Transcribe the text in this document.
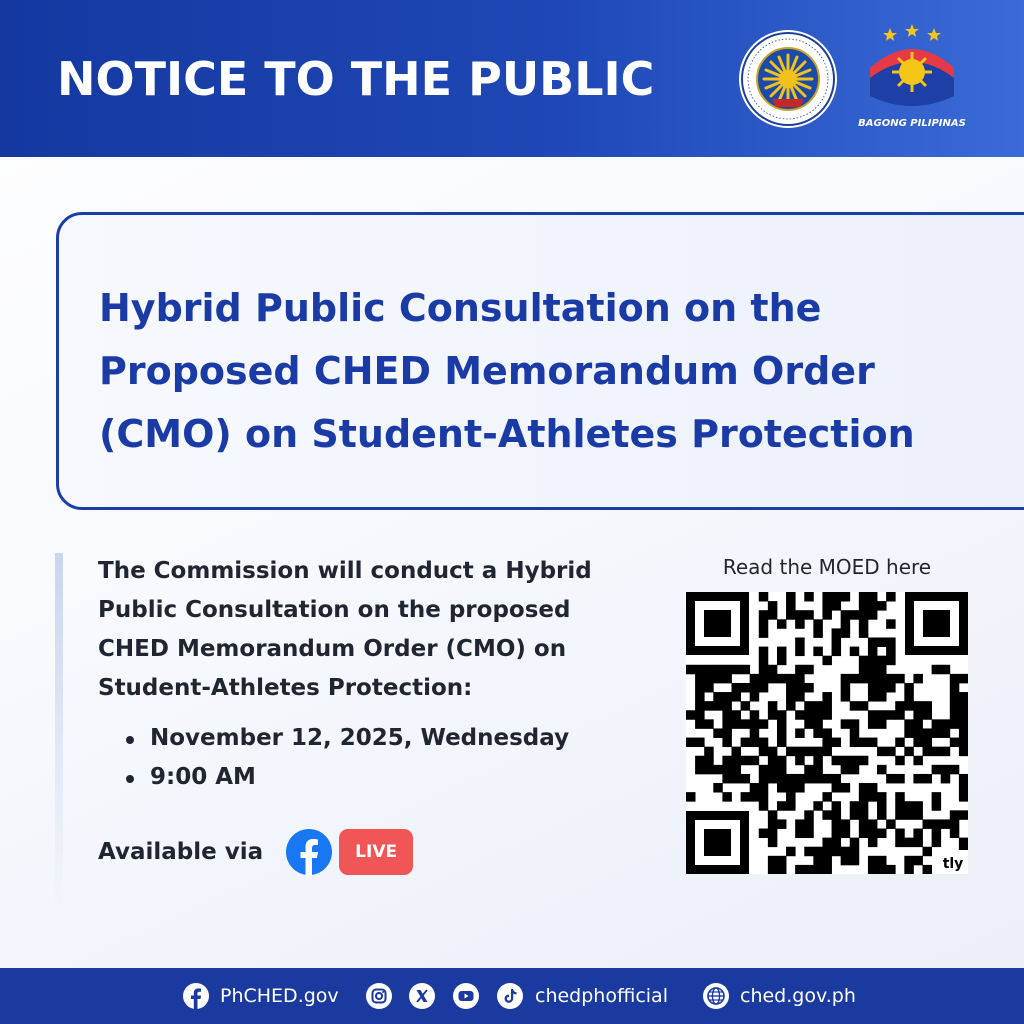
NOTICE TO THE PUBLIC
BAGONG PILIPINAS
Hybrid Public Consultation on the
Proposed CHED Memorandum Order
(CMO) on Student-Athletes Protection
The Commission will conduct a Hybrid
Public Consultation on the proposed
CHED Memorandum Order (CMO) on
Student-Athletes Protection:
November 12, 2025, Wednesday
9:00 AM
Available via	LIVE
Read the MOED here
tly
PhCHED.gov	chedphofficial	ched.gov.ph
